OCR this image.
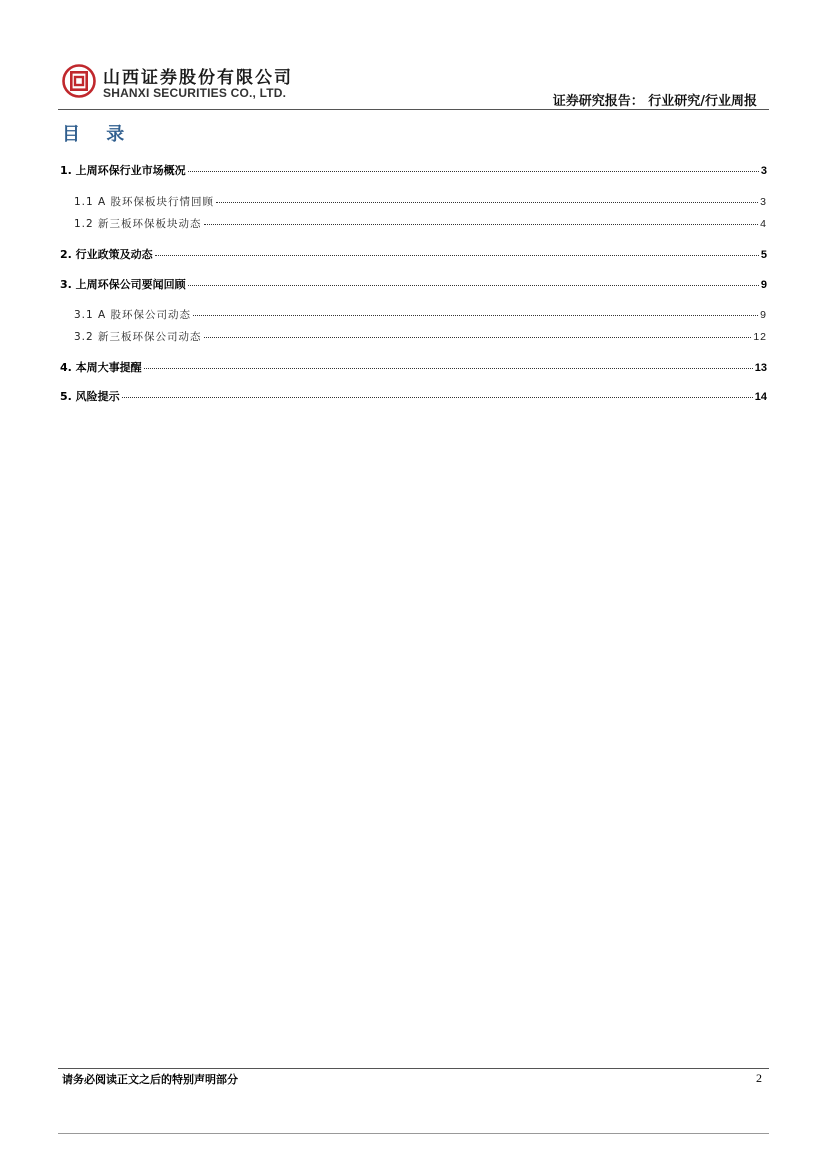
山西证券股份有限公司
SHANXI SECURITIES CO., LTD.
证券研究报告： 行业研究/行业周报
目 录
1. 上周环保行业市场概况	3
1.1 A 股环保板块行情回顾	3
1.2 新三板环保板块动态	4
2. 行业政策及动态	5
3. 上周环保公司要闻回顾	9
3.1 A 股环保公司动态	9
3.2 新三板环保公司动态	12
4. 本周大事提醒	13
5. 风险提示	14
请务必阅读正文之后的特别声明部分	2
